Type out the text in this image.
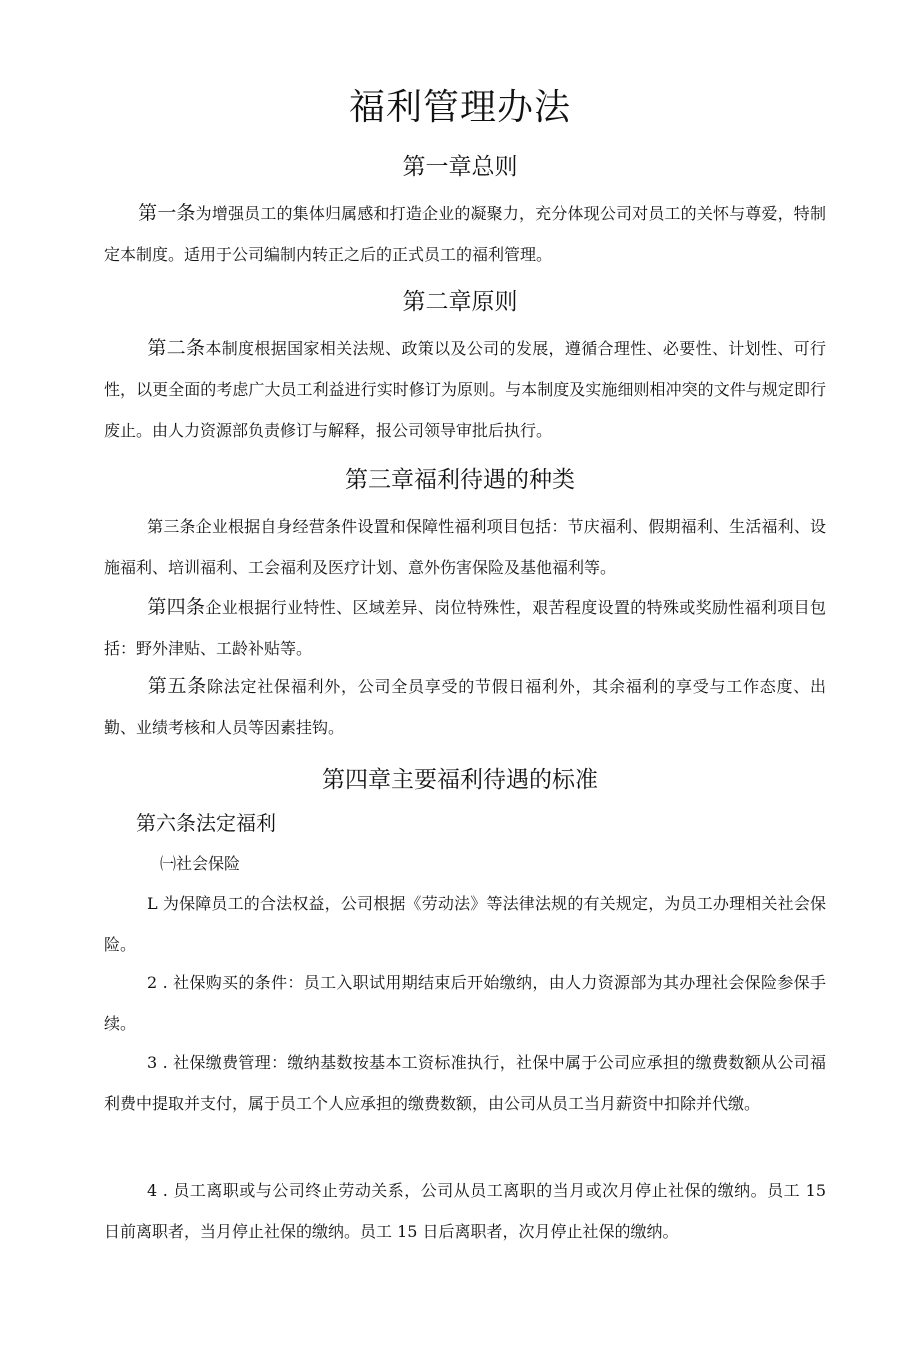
福利管理办法
第一章总则
第一条为增强员工的集体归属感和打造企业的凝聚力，充分体现公司对员工的关怀与尊爱，特制定本制度。适用于公司编制内转正之后的正式员工的福利管理。
第二章原则
第二条本制度根据国家相关法规、政策以及公司的发展，遵循合理性、必要性、计划性、可行性，以更全面的考虑广大员工利益进行实时修订为原则。与本制度及实施细则相冲突的文件与规定即行废止。由人力资源部负责修订与解释，报公司领导审批后执行。
第三章福利待遇的种类
第三条企业根据自身经营条件设置和保障性福利项目包括：节庆福利、假期福利、生活福利、设施福利、培训福利、工会福利及医疗计划、意外伤害保险及基他福利等。
第四条企业根据行业特性、区域差异、岗位特殊性，艰苦程度设置的特殊或奖励性福利项目包括：野外津贴、工龄补贴等。
第五条除法定社保福利外，公司全员享受的节假日福利外，其余福利的享受与工作态度、出勤、业绩考核和人员等因素挂钩。
第四章主要福利待遇的标准
第六条法定福利
㈠社会保险
L 为保障员工的合法权益，公司根据《劳动法》等法律法规的有关规定，为员工办理相关社会保险。
2 . 社保购买的条件：员工入职试用期结束后开始缴纳，由人力资源部为其办理社会保险参保手续。
3 . 社保缴费管理：缴纳基数按基本工资标准执行，社保中属于公司应承担的缴费数额从公司福利费中提取并支付，属于员工个人应承担的缴费数额，由公司从员工当月薪资中扣除并代缴。
4 . 员工离职或与公司终止劳动关系，公司从员工离职的当月或次月停止社保的缴纳。员工 15 日前离职者，当月停止社保的缴纳。员工 15 日后离职者，次月停止社保的缴纳。
